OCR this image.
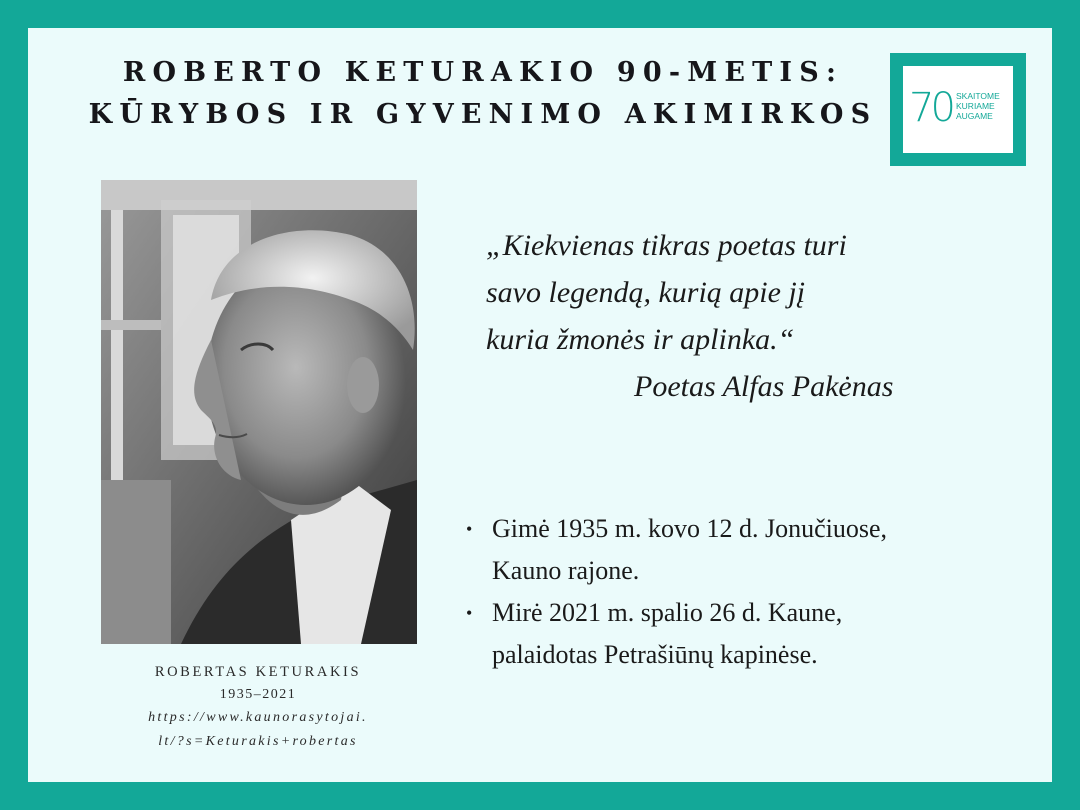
ROBERTO KETURAKIO 90-METIS:
KŪRYBOS IR GYVENIMO AKIMIRKOS 70 SKAITOME
KURIAME
AUGAME
ROBERTAS KETURAKIS
1935–2021
https://www.kaunorasytojai.
lt/?s=Keturakis+robertas
„Kiekvienas tikras poetas turi
savo legendą, kurią apie jį
kuria žmonės ir aplinka.“
Poetas Alfas Pakėnas
• Gimė 1935 m. kovo 12 d. Jonučiuose,
Kauno rajone.
• Mirė 2021 m. spalio 26 d. Kaune,
palaidotas Petrašiūnų kapinėse.
